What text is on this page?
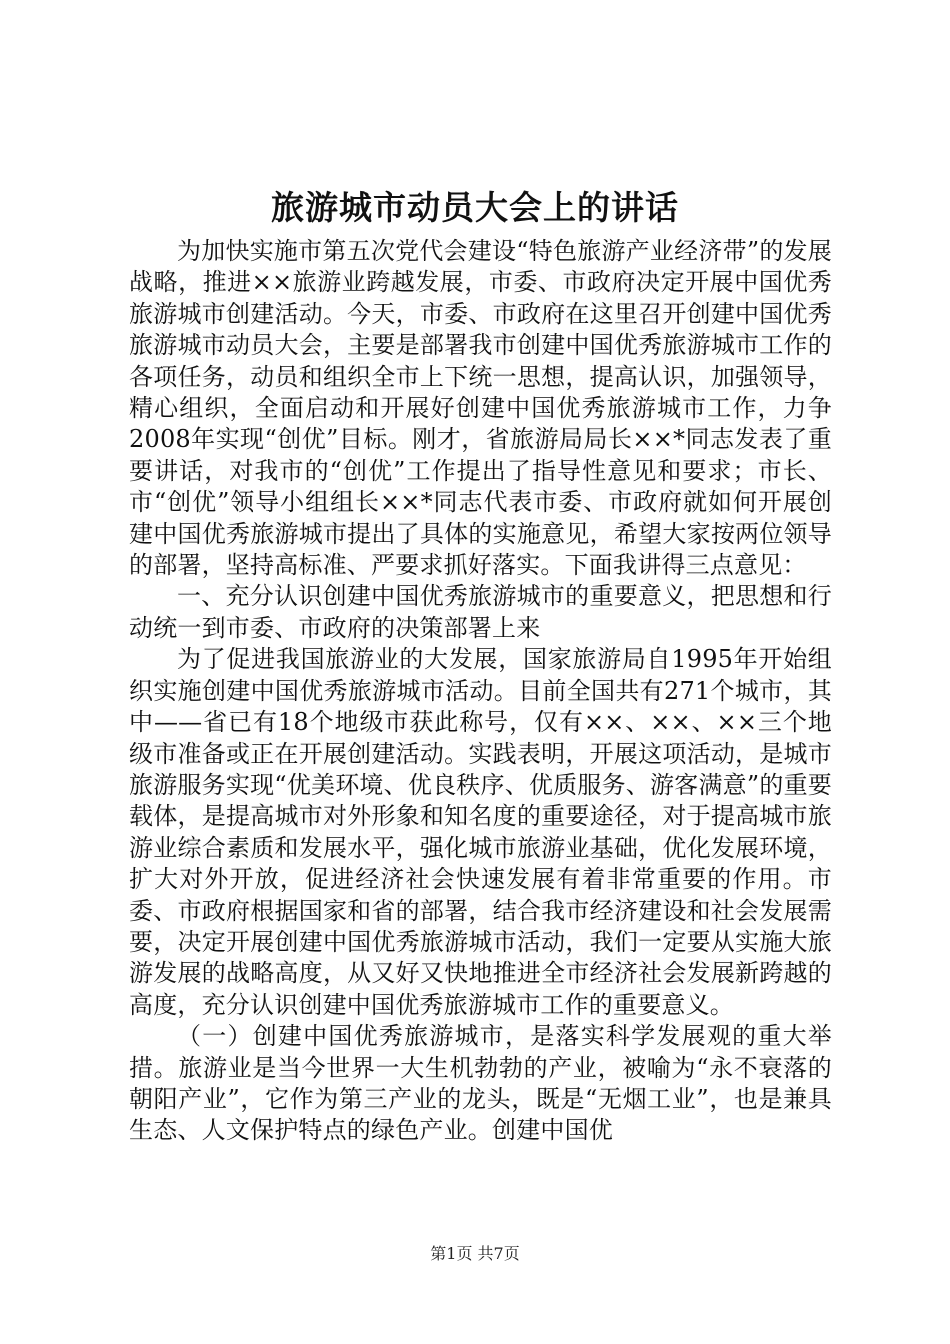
旅游城市动员大会上的讲话

为加快实施市第五次党代会建设“特色旅游产业经济带”的发展战略，推进××旅游业跨越发展，市委、市政府决定开展中国优秀旅游城市创建活动。今天，市委、市政府在这里召开创建中国优秀旅游城市动员大会，主要是部署我市创建中国优秀旅游城市工作的各项任务，动员和组织全市上下统一思想，提高认识，加强领导，精心组织，全面启动和开展好创建中国优秀旅游城市工作，力争2008年实现“创优”目标。刚才，省旅游局局长××*同志发表了重要讲话，对我市的“创优”工作提出了指导性意见和要求；市长、市“创优”领导小组组长××*同志代表市委、市政府就如何开展创建中国优秀旅游城市提出了具体的实施意见，希望大家按两位领导的部署，坚持高标准、严要求抓好落实。下面我讲得三点意见：

一、充分认识创建中国优秀旅游城市的重要意义，把思想和行动统一到市委、市政府的决策部署上来

为了促进我国旅游业的大发展，国家旅游局自1995年开始组织实施创建中国优秀旅游城市活动。目前全国共有271个城市，其中——省已有18个地级市获此称号，仅有××、××、××三个地级市准备或正在开展创建活动。实践表明，开展这项活动，是城市旅游服务实现“优美环境、优良秩序、优质服务、游客满意”的重要载体，是提高城市对外形象和知名度的重要途径，对于提高城市旅游业综合素质和发展水平，强化城市旅游业基础，优化发展环境，扩大对外开放，促进经济社会快速发展有着非常重要的作用。市委、市政府根据国家和省的部署，结合我市经济建设和社会发展需要，决定开展创建中国优秀旅游城市活动，我们一定要从实施大旅游发展的战略高度，从又好又快地推进全市经济社会发展新跨越的高度，充分认识创建中国优秀旅游城市工作的重要意义。

（一）创建中国优秀旅游城市，是落实科学发展观的重大举措。旅游业是当今世界一大生机勃勃的产业，被喻为“永不衰落的朝阳产业”，它作为第三产业的龙头，既是“无烟工业”，也是兼具生态、人文保护特点的绿色产业。创建中国优

第1页 共7页
